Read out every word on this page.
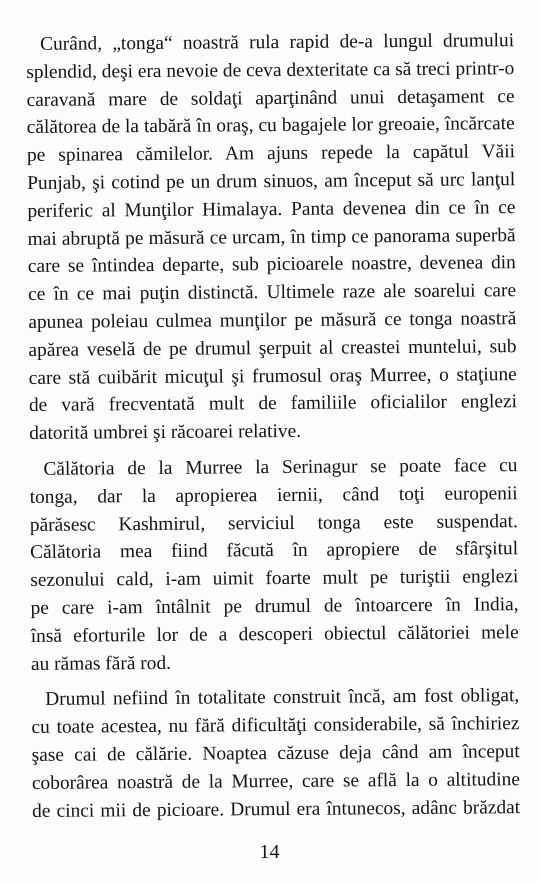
Curând, „tonga“ noastră rula rapid de-a lungul drumului
splendid, deşi era nevoie de ceva dexteritate ca să treci printr-o
caravană mare de soldaţi aparţinând unui detaşament ce
călătorea de la tabără în oraş, cu bagajele lor greoaie, încărcate
pe spinarea cămilelor. Am ajuns repede la capătul Văii
Punjab, şi cotind pe un drum sinuos, am început să urc lanţul
periferic al Munţilor Himalaya. Panta devenea din ce în ce
mai abruptă pe măsură ce urcam, în timp ce panorama superbă
care se întindea departe, sub picioarele noastre, devenea din
ce în ce mai puţin distinctă. Ultimele raze ale soarelui care
apunea poleiau culmea munţilor pe măsură ce tonga noastră
apărea veselă de pe drumul şerpuit al creastei muntelui, sub
care stă cuibărit micuţul şi frumosul oraş Murree, o staţiune
de vară frecventată mult de familiile oficialilor englezi
datorită umbrei şi răcoarei relative.
Călătoria de la Murree la Serinagur se poate face cu
tonga, dar la apropierea iernii, când toţi europenii
părăsesc Kashmirul, serviciul tonga este suspendat.
Călătoria mea fiind făcută în apropiere de sfârşitul
sezonului cald, i-am uimit foarte mult pe turiştii englezi
pe care i-am întâlnit pe drumul de întoarcere în India,
însă eforturile lor de a descoperi obiectul călătoriei mele
au rămas fără rod.
Drumul nefiind în totalitate construit încă, am fost obligat,
cu toate acestea, nu fără dificultăţi considerabile, să închiriez
şase cai de călărie. Noaptea căzuse deja când am început
coborârea noastră de la Murree, care se află la o altitudine
de cinci mii de picioare. Drumul era întunecos, adânc brăzdat
14
